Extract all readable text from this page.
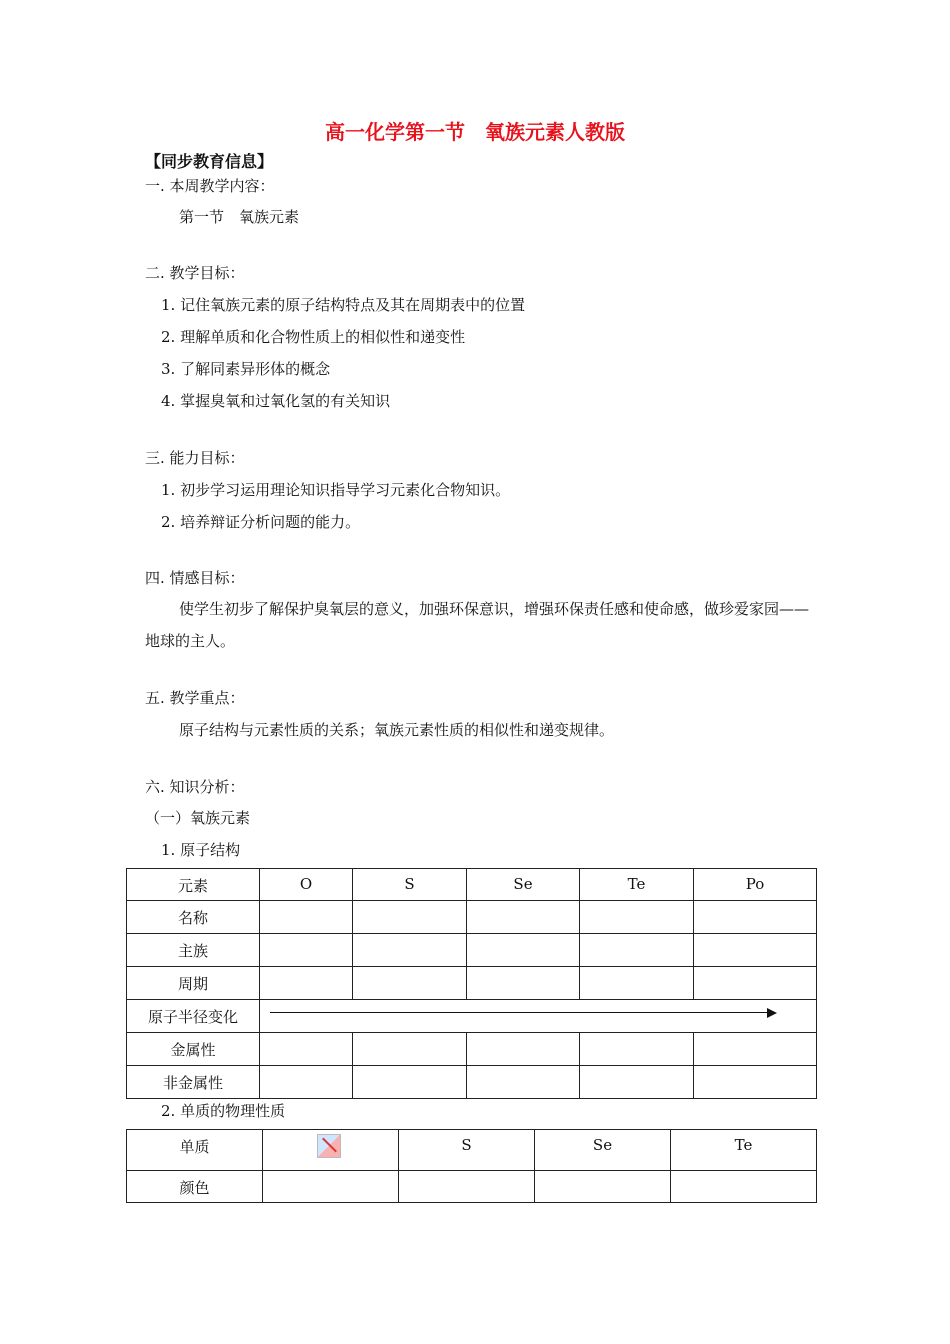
高一化学第一节　氧族元素人教版
【同步教育信息】
一. 本周教学内容：
第一节　氧族元素
二. 教学目标：
1. 记住氧族元素的原子结构特点及其在周期表中的位置
2. 理解单质和化合物性质上的相似性和递变性
3. 了解同素异形体的概念
4. 掌握臭氧和过氧化氢的有关知识
三. 能力目标：
1. 初步学习运用理论知识指导学习元素化合物知识。
2. 培养辩证分析问题的能力。
四. 情感目标：
使学生初步了解保护臭氧层的意义，加强环保意识，增强环保责任感和使命感，做珍爱家园——地球的主人。
五. 教学重点：
原子结构与元素性质的关系；氧族元素性质的相似性和递变规律。
六. 知识分析：
（一）氧族元素
1. 原子结构
元素	O	S	Se	Te	Po
名称					
主族					
周期					
原子半径变化					

金属性					
非金属性					
2. 单质的物理性质
单质		S	Se	Te
颜色				
